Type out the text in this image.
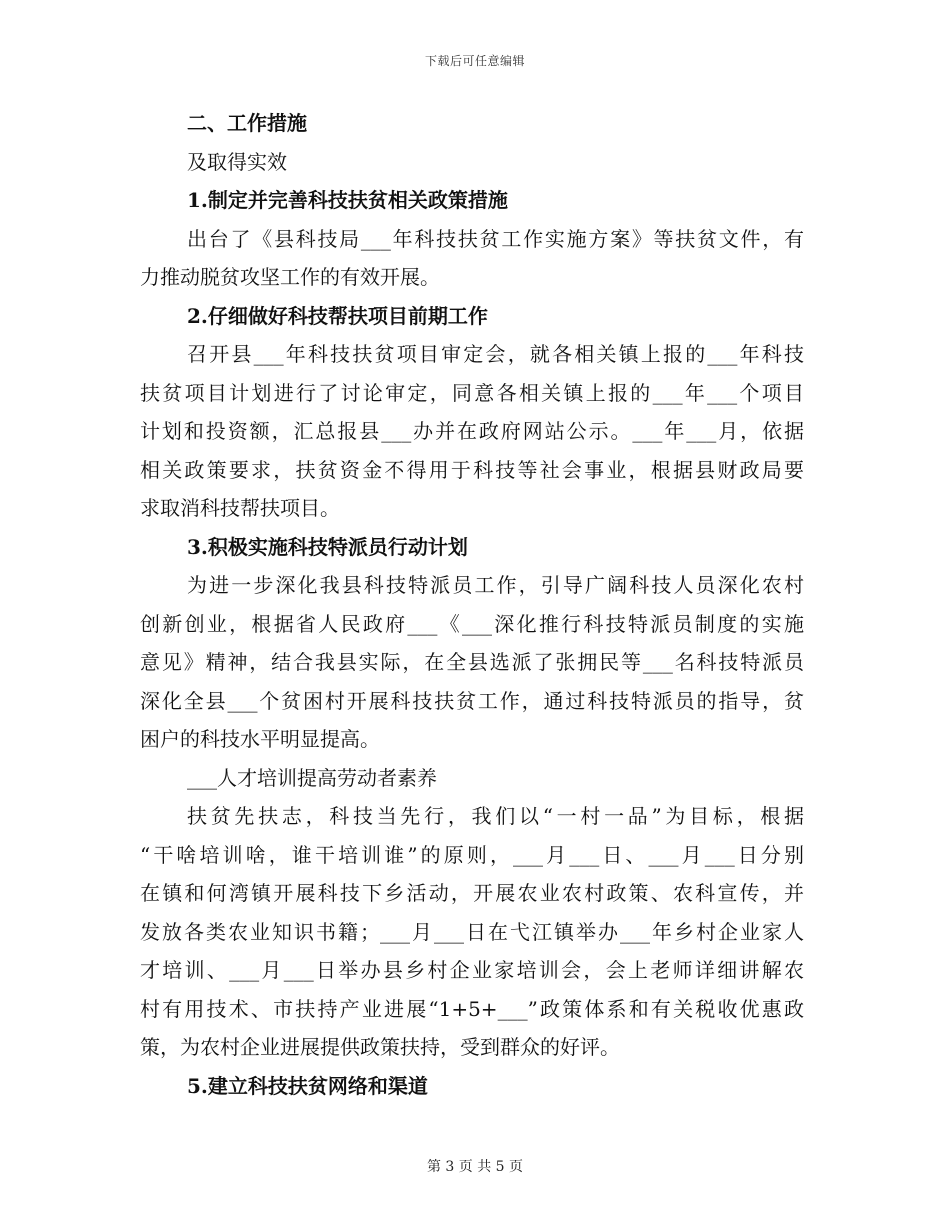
下载后可任意编辑
二、工作措施
及取得实效
1.制定并完善科技扶贫相关政策措施
出台了《县科技局___年科技扶贫工作实施方案》等扶贫文件，有
力推动脱贫攻坚工作的有效开展。
2.仔细做好科技帮扶项目前期工作
召开县___年科技扶贫项目审定会，就各相关镇上报的___年科技
扶贫项目计划进行了讨论审定，同意各相关镇上报的___年___个项目
计划和投资额，汇总报县___办并在政府网站公示。___年___月，依据
相关政策要求，扶贫资金不得用于科技等社会事业，根据县财政局要
求取消科技帮扶项目。
3.积极实施科技特派员行动计划
为进一步深化我县科技特派员工作，引导广阔科技人员深化农村
创新创业，根据省人民政府___《___深化推行科技特派员制度的实施
意见》精神，结合我县实际，在全县选派了张拥民等___名科技特派员
深化全县___个贫困村开展科技扶贫工作，通过科技特派员的指导，贫
困户的科技水平明显提高。
___人才培训提高劳动者素养
扶贫先扶志，科技当先行，我们以“一村一品”为目标，根据
“干啥培训啥，谁干培训谁”的原则，___月___日、___月___日分别
在镇和何湾镇开展科技下乡活动，开展农业农村政策、农科宣传，并
发放各类农业知识书籍；___月___日在弋江镇举办___年乡村企业家人
才培训、___月___日举办县乡村企业家培训会，会上老师详细讲解农
村有用技术、市扶持产业进展“1+5+___”政策体系和有关税收优惠政
策，为农村企业进展提供政策扶持，受到群众的好评。
5.建立科技扶贫网络和渠道
第 3 页 共 5 页
